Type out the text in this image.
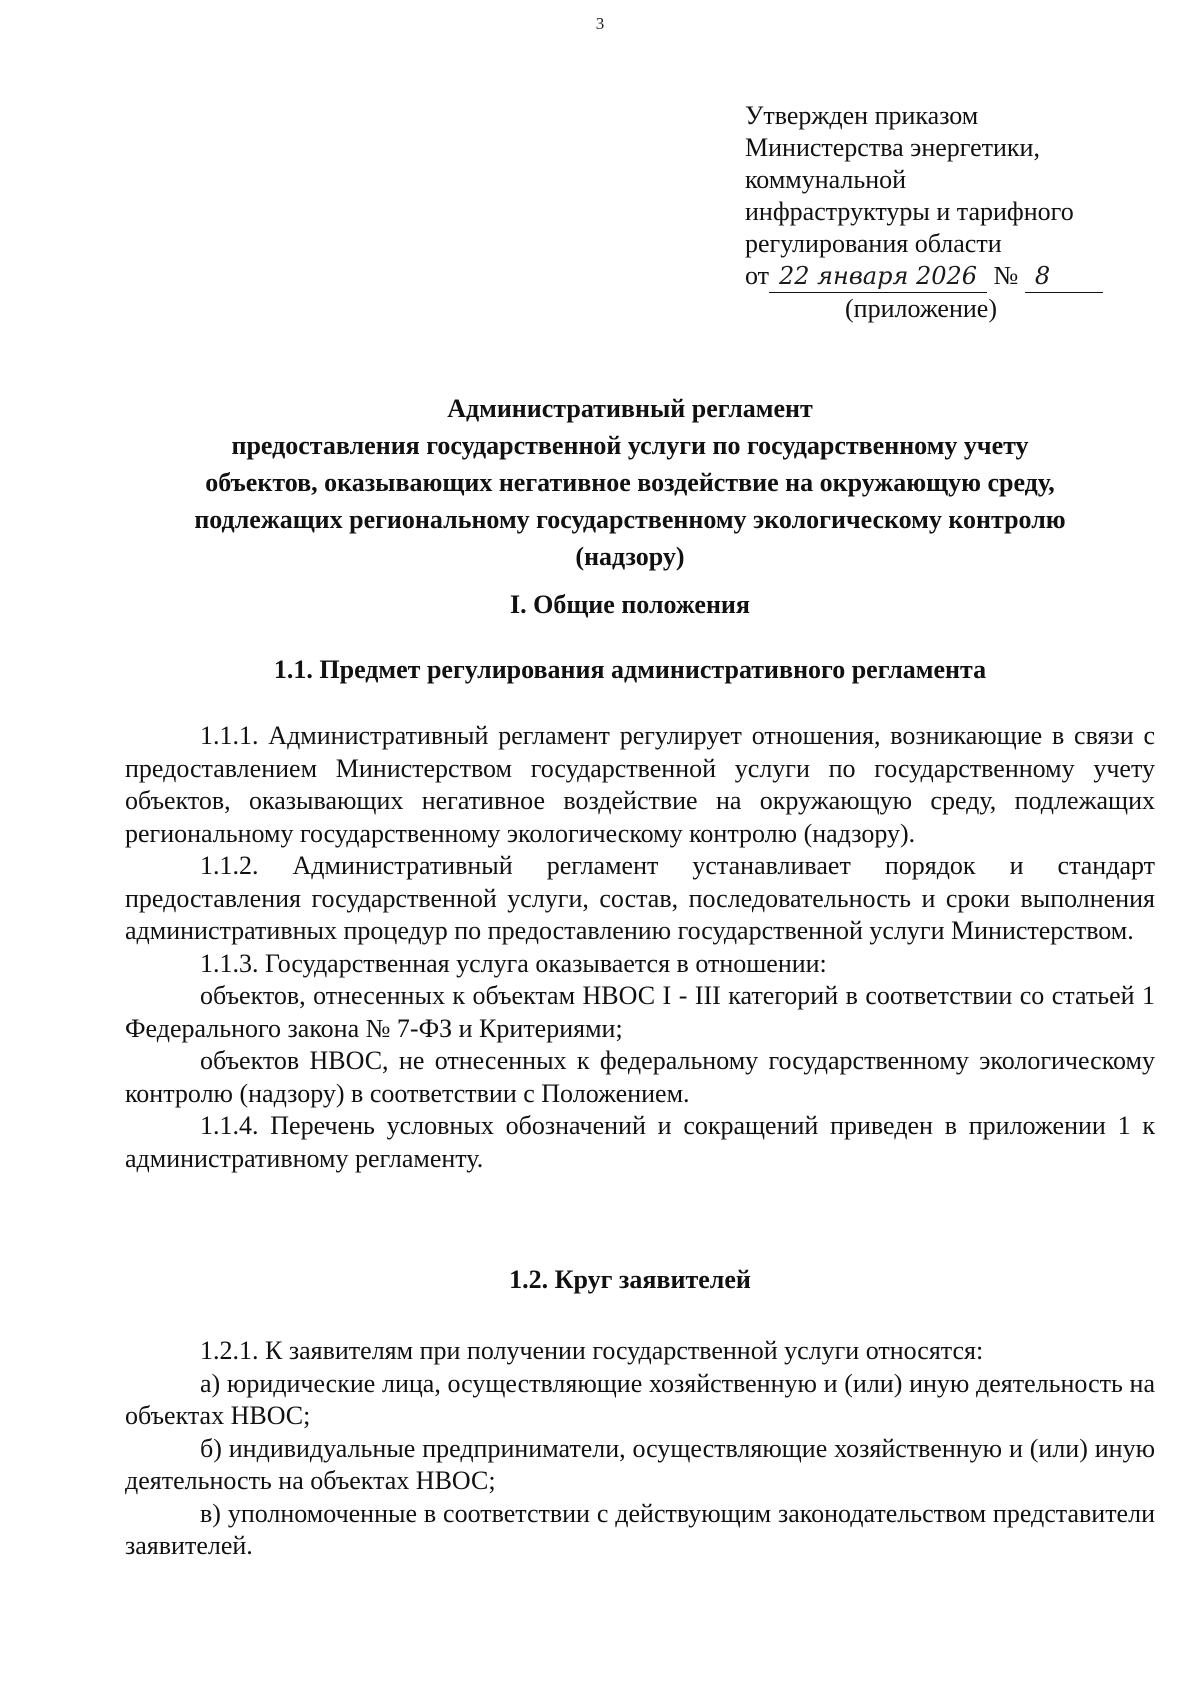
3
Утвержден приказом
Министерства энергетики,
коммунальной
инфраструктуры и тарифного
регулирования области
от 22 января 2026 № 8
(приложение)
Административный регламент
предоставления государственной услуги по государственному учету
объектов, оказывающих негативное воздействие на окружающую среду,
подлежащих региональному государственному экологическому контролю
(надзору)
I. Общие положения
1.1. Предмет регулирования административного регламента

1.1.1. Административный регламент регулирует отношения, возникающие в связи с предоставлением Министерством государственной услуги по государственному учету объектов, оказывающих негативное воздействие на окружающую среду, подлежащих региональному государственному экологическому контролю (надзору).

1.1.2. Административный регламент устанавливает порядок и стандарт предоставления государственной услуги, состав, последовательность и сроки выполнения административных процедур по предоставлению государственной услуги Министерством.

1.1.3. Государственная услуга оказывается в отношении:

объектов, отнесенных к объектам НВОС I - III категорий в соответствии со статьей 1 Федерального закона № 7-ФЗ и Критериями;

объектов НВОС, не отнесенных к федеральному государственному экологическому контролю (надзору) в соответствии с Положением.

1.1.4. Перечень условных обозначений и сокращений приведен в приложении 1 к административному регламенту.

1.2. Круг заявителей

1.2.1. К заявителям при получении государственной услуги относятся:

а) юридические лица, осуществляющие хозяйственную и (или) иную деятельность на объектах НВОС;

б) индивидуальные предприниматели, осуществляющие хозяйственную и (или) иную деятельность на объектах НВОС;

в) уполномоченные в соответствии с действующим законодательством представители заявителей.
